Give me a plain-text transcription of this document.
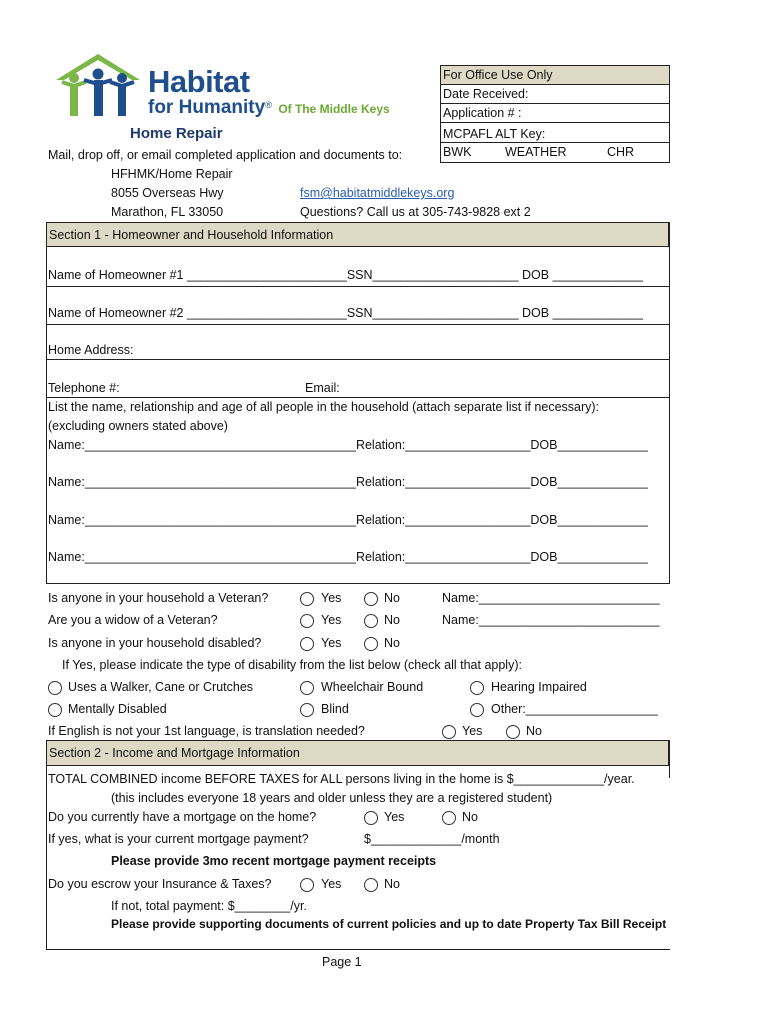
Habitat
for Humanity® Of The Middle Keys
Home Repair
Mail, drop off, or email completed application and documents to:
HFHMK/Home Repair
8055 Overseas Hwy
Marathon, FL 33050
fsm@habitatmiddlekeys.org
Questions? Call us at 305-743-9828 ext 2
For Office Use Only
Date Received:
Application # :
MCPAFL ALT Key:
BWK	WEATHER	CHR
Section 1 - Homeowner and Household Information
Name of Homeowner #1 _______________________SSN_____________________ DOB _____________
Name of Homeowner #2 _______________________SSN_____________________ DOB _____________
Home Address:
Telephone #:	Email:
List the name, relationship and age of all people in the household (attach separate list if necessary):
(excluding owners stated above)
Name:_______________________________________Relation:__________________DOB_____________
Name:_______________________________________Relation:__________________DOB_____________
Name:_______________________________________Relation:__________________DOB_____________
Name:_______________________________________Relation:__________________DOB_____________
Is anyone in your household a Veteran?	Yes	No	Name:__________________________
Are you a widow of a Veteran?	Yes	No	Name:__________________________
Is anyone in your household disabled?	Yes	No
If Yes, please indicate the type of disability from the list below (check all that apply):
Uses a Walker, Cane or Crutches	Wheelchair Bound	Hearing Impaired
Mentally Disabled	Blind	Other:___________________
If English is not your 1st language, is translation needed?	Yes	No
Section 2 - Income and Mortgage Information
TOTAL COMBINED income BEFORE TAXES for ALL persons living in the home is $_____________/year.
(this includes everyone 18 years and older unless they are a registered student)
Do you currently have a mortgage on the home?	Yes	No
If yes, what is your current mortgage payment?	$_____________/month
Please provide 3mo recent mortgage payment receipts
Do you escrow your Insurance & Taxes?	Yes	No
If not, total payment: $________/yr.
Please provide supporting documents of current policies and up to date Property Tax Bill Receipt
Page 1
